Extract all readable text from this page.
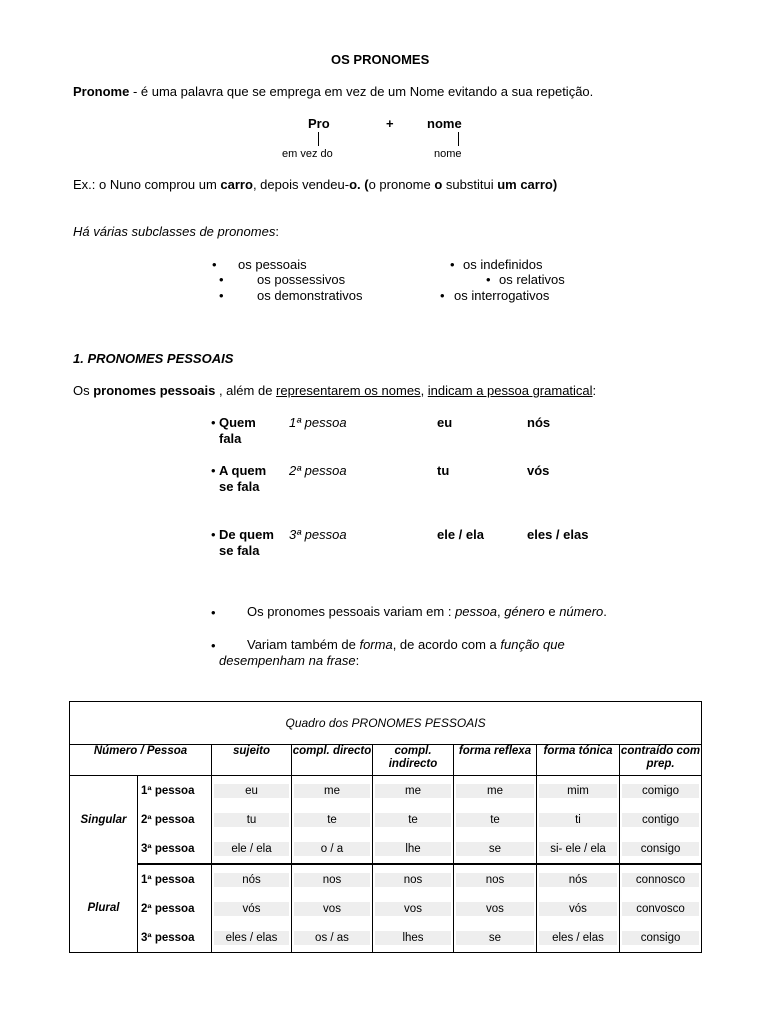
OS PRONOMES
Pronome - é uma palavra que se emprega em vez de um Nome evitando a sua repetição.
Pro	+	nome
em vez do	nome
Ex.: o Nuno comprou um carro, depois vendeu-o. (o pronome o substitui um carro)
Há várias subclasses de pronomes:
• os pessoais
•	os possessivos
•	os demonstrativos
• os indefinidos
• os relativos
• os interrogativos
1. PRONOMES PESSOAIS
Os pronomes pessoais , além de representarem os nomes, indicam a pessoa gramatical:
• Quem fala
1ª pessoa	eu	nós
• A quem se fala
2ª pessoa	tu	vós
• De quem se fala
3ª pessoa	ele / ela	eles / elas
• Os pronomes pessoais variam em : pessoa, género e número.
•	Variam também de forma, de acordo com a função que desempenham na frase:
Quadro dos PRONOMES PESSOAIS							
Número / Pessoa		sujeito	compl. directo	compl. indirecto	forma reflexa	forma tónica	contraído com prep.
Singular	1ª pessoa	eu	me	me	me	mim	comigo
	2ª pessoa	tu	te	te	te	ti	contigo
	3ª pessoa	ele / ela	o / a	lhe	se	si- ele / ela	consigo
Plural	1ª pessoa	nós	nos	nos	nos	nós	connosco
	2ª pessoa	vós	vos	vos	vos	vós	convosco
	3ª pessoa	eles / elas	os / as	lhes	se	eles / elas	consigo
